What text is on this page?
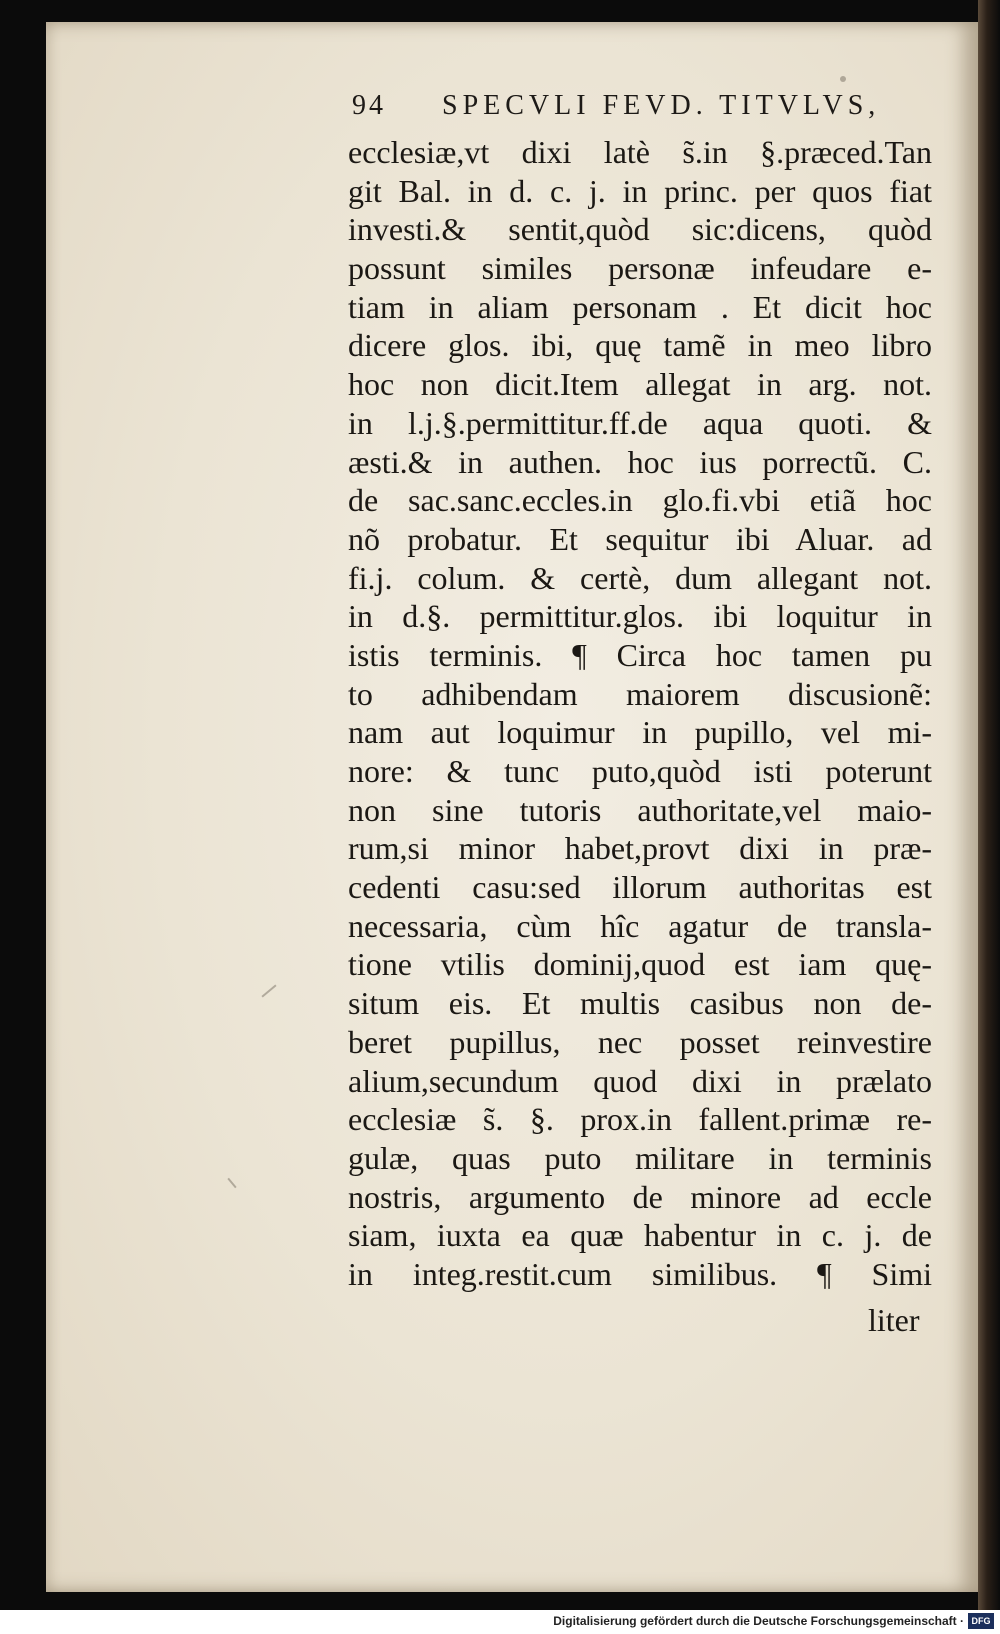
94 SPECVLI FEVD. TITVLVS,
ecclesiæ,vt dixi latè s̃.in §.præced.Tan
git Bal. in d. c. j. in princ. per quos fiat
investi.& sentit,quòd sic:dicens, quòd
possunt similes personæ infeudare e-
tiam in aliam personam . Et dicit hoc
dicere glos. ibi, quę tamẽ in meo libro
hoc non dicit.Item allegat in arg. not.
in l.j.§.permittitur.ff.de aqua quoti. &
æsti.& in authen. hoc ius porrectũ. C.
de sac.sanc.eccles.in glo.fi.vbi etiã hoc
nõ probatur. Et sequitur ibi Aluar. ad
fi.j. colum. & certè, dum allegant not.
in d.§. permittitur.glos. ibi loquitur in
istis terminis. ¶ Circa hoc tamen pu
to adhibendam maiorem discusionẽ:
nam aut loquimur in pupillo, vel mi-
nore: & tunc puto,quòd isti poterunt
non sine tutoris authoritate,vel maio-
rum,si minor habet,provt dixi in præ-
cedenti casu:sed illorum authoritas est
necessaria, cùm hîc agatur de transla-
tione vtilis dominij,quod est iam quę-
situm eis. Et multis casibus non de-
beret pupillus, nec posset reinvestire
alium,secundum quod dixi in prælato
ecclesiæ s̃. §. prox.in fallent.primæ re-
gulæ, quas puto militare in terminis
nostris, argumento de minore ad eccle
siam, iuxta ea quæ habentur in c. j. de
in integ.restit.cum similibus. ¶ Simi
liter
Digitalisierung gefördert durch die Deutsche Forschungsgemeinschaft · DFG
